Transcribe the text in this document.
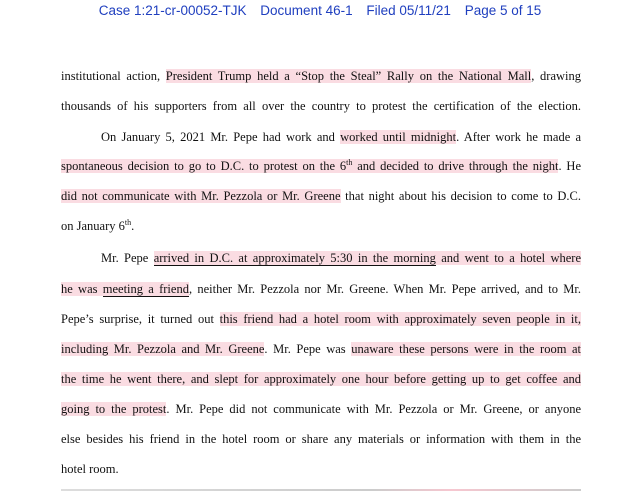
Case 1:21-cr-00052-TJK Document 46-1 Filed 05/11/21 Page 5 of 15
institutional action, President Trump held a “Stop the Steal” Rally on the National Mall, drawing
thousands of his supporters from all over the country to protest the certification of the election.
On January 5, 2021 Mr. Pepe had work and worked until midnight. After work he made a
spontaneous decision to go to D.C. to protest on the 6th and decided to drive through the night. He
did not communicate with Mr. Pezzola or Mr. Greene that night about his decision to come to D.C.
on January 6th.
Mr. Pepe arrived in D.C. at approximately 5:30 in the morning and went to a hotel where
he was meeting a friend, neither Mr. Pezzola nor Mr. Greene. When Mr. Pepe arrived, and to Mr.
Pepe’s surprise, it turned out this friend had a hotel room with approximately seven people in it,
including Mr. Pezzola and Mr. Greene. Mr. Pepe was unaware these persons were in the room at
the time he went there, and slept for approximately one hour before getting up to get coffee and
going to the protest. Mr. Pepe did not communicate with Mr. Pezzola or Mr. Greene, or anyone
else besides his friend in the hotel room or share any materials or information with them in the
hotel room.
